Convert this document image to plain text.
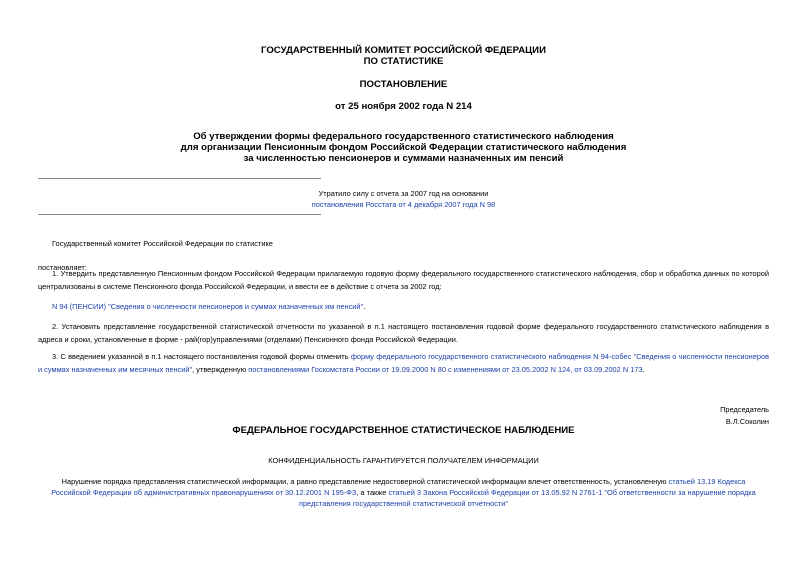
ГОСУДАРСТВЕННЫЙ КОМИТЕТ РОССИЙСКОЙ ФЕДЕРАЦИИ
ПО СТАТИСТИКЕ
ПОСТАНОВЛЕНИЕ
от 25 ноября 2002 года N 214
Об утверждении формы федерального государственного статистического наблюдения
для организации Пенсионным фондом Российской Федерации статистического наблюдения
за численностью пенсионеров и суммами назначенных им пенсий
Утратило силу с отчета за 2007 год на основании
постановления Росстата от 4 декабря 2007 года N 98
Государственный комитет Российской Федерации по статистике
постановляет:
1. Утвердить представленную Пенсионным фондом Российской Федерации прилагаемую годовую форму федерального государственного статистического наблюдения, сбор и обработка данных по которой централизованы в системе Пенсионного фонда Российской Федерации, и ввести ее в действие с отчета за 2002 год:
N 94 (ПЕНСИИ) "Сведения о численности пенсионеров и суммах назначенных им пенсий".
2. Установить представление государственной статистической отчетности по указанной в п.1 настоящего постановления годовой форме федерального государственного статистического наблюдения в адреса и сроки, установленные в форме - рай(гор)управлениями (отделами) Пенсионного фонда Российской Федерации.
3. С введением указанной в п.1 настоящего постановления годовой формы отменить форму федерального государственного статистического наблюдения N 94-собес "Сведения о численности пенсионеров и суммах назначенных им месячных пенсий", утвержденную постановлениями Госкомстата России от 19.09.2000 N 80 с изменениями от 23.05.2002 N 124, от 03.09.2002 N 173.
Председатель
В.Л.Соколин
ФЕДЕРАЛЬНОЕ ГОСУДАРСТВЕННОЕ СТАТИСТИЧЕСКОЕ НАБЛЮДЕНИЕ
КОНФИДЕНЦИАЛЬНОСТЬ ГАРАНТИРУЕТСЯ ПОЛУЧАТЕЛЕМ ИНФОРМАЦИИ
Нарушение порядка представления статистической информации, а равно представление недостоверной статистической информации влечет ответственность, установленную статьей 13.19 Кодекса Российской Федерации об административных правонарушениях от 30.12.2001 N 195-ФЗ, а также статьей 3 Закона Российской Федерации от 13.05.92 N 2761-1 "Об ответственности за нарушение порядка представления государственной статистической отчетности"
